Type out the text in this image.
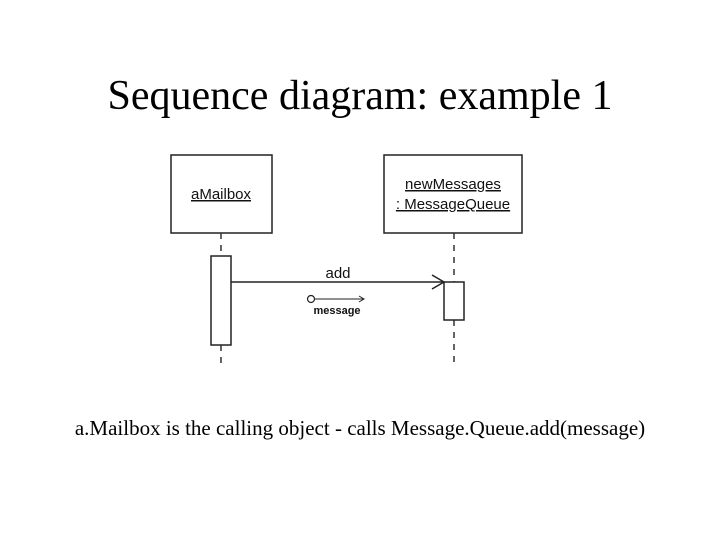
Sequence diagram: example 1
aMailbox
newMessages
: MessageQueue
add
message
a.Mailbox is the calling object - calls Message.Queue.add(message)
